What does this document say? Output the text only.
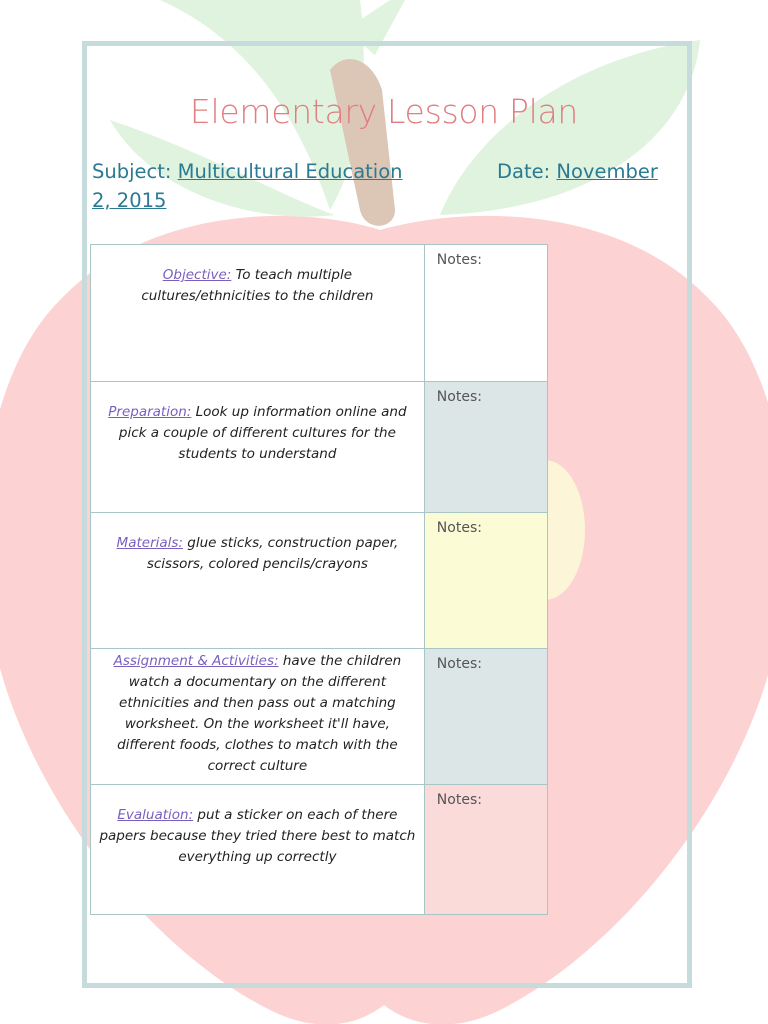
Elementary Lesson Plan
Subject: Multicultural Education	Date: November
2, 2015
Objective: To teach multiple cultures/ethnicities to the children	Notes:

Preparation: Look up information online and pick a couple of different cultures for the students to understand	Notes:

Materials: glue sticks, construction paper, scissors, colored pencils/crayons	Notes:

Assignment & Activities: have the children watch a documentary on the different ethnicities and then pass out a matching worksheet. On the worksheet it'll have, different foods, clothes to match with the correct culture	Notes:

Evaluation: put a sticker on each of there papers because they tried there best to match everything up correctly	Notes:
